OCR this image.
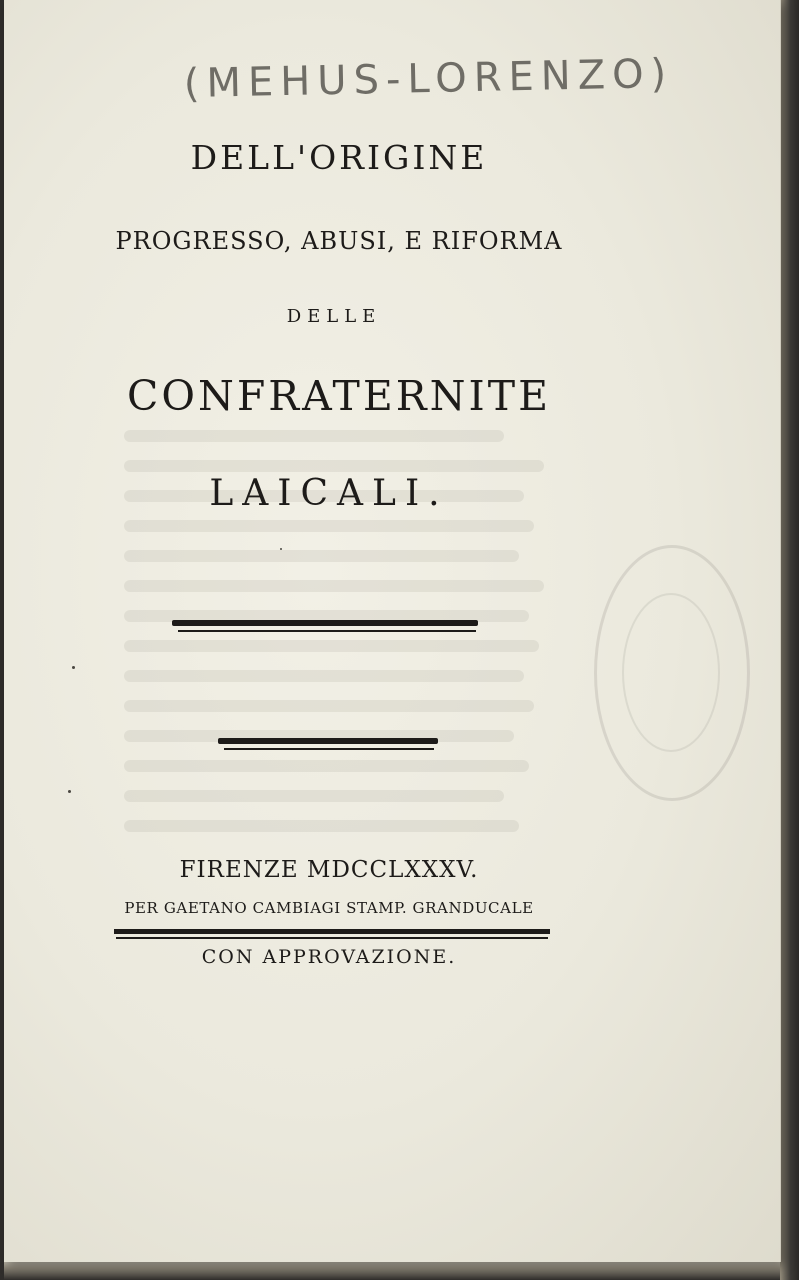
(MEHUS-LORENZO)
DELL'ORIGINE
PROGRESSO, ABUSI, E RIFORMA
DELLE
CONFRATERNITE
LAICALI.
FIRENZE MDCCLXXXV.
PER GAETANO CAMBIAGI STAMP. GRANDUCALE
CON APPROVAZIONE.
